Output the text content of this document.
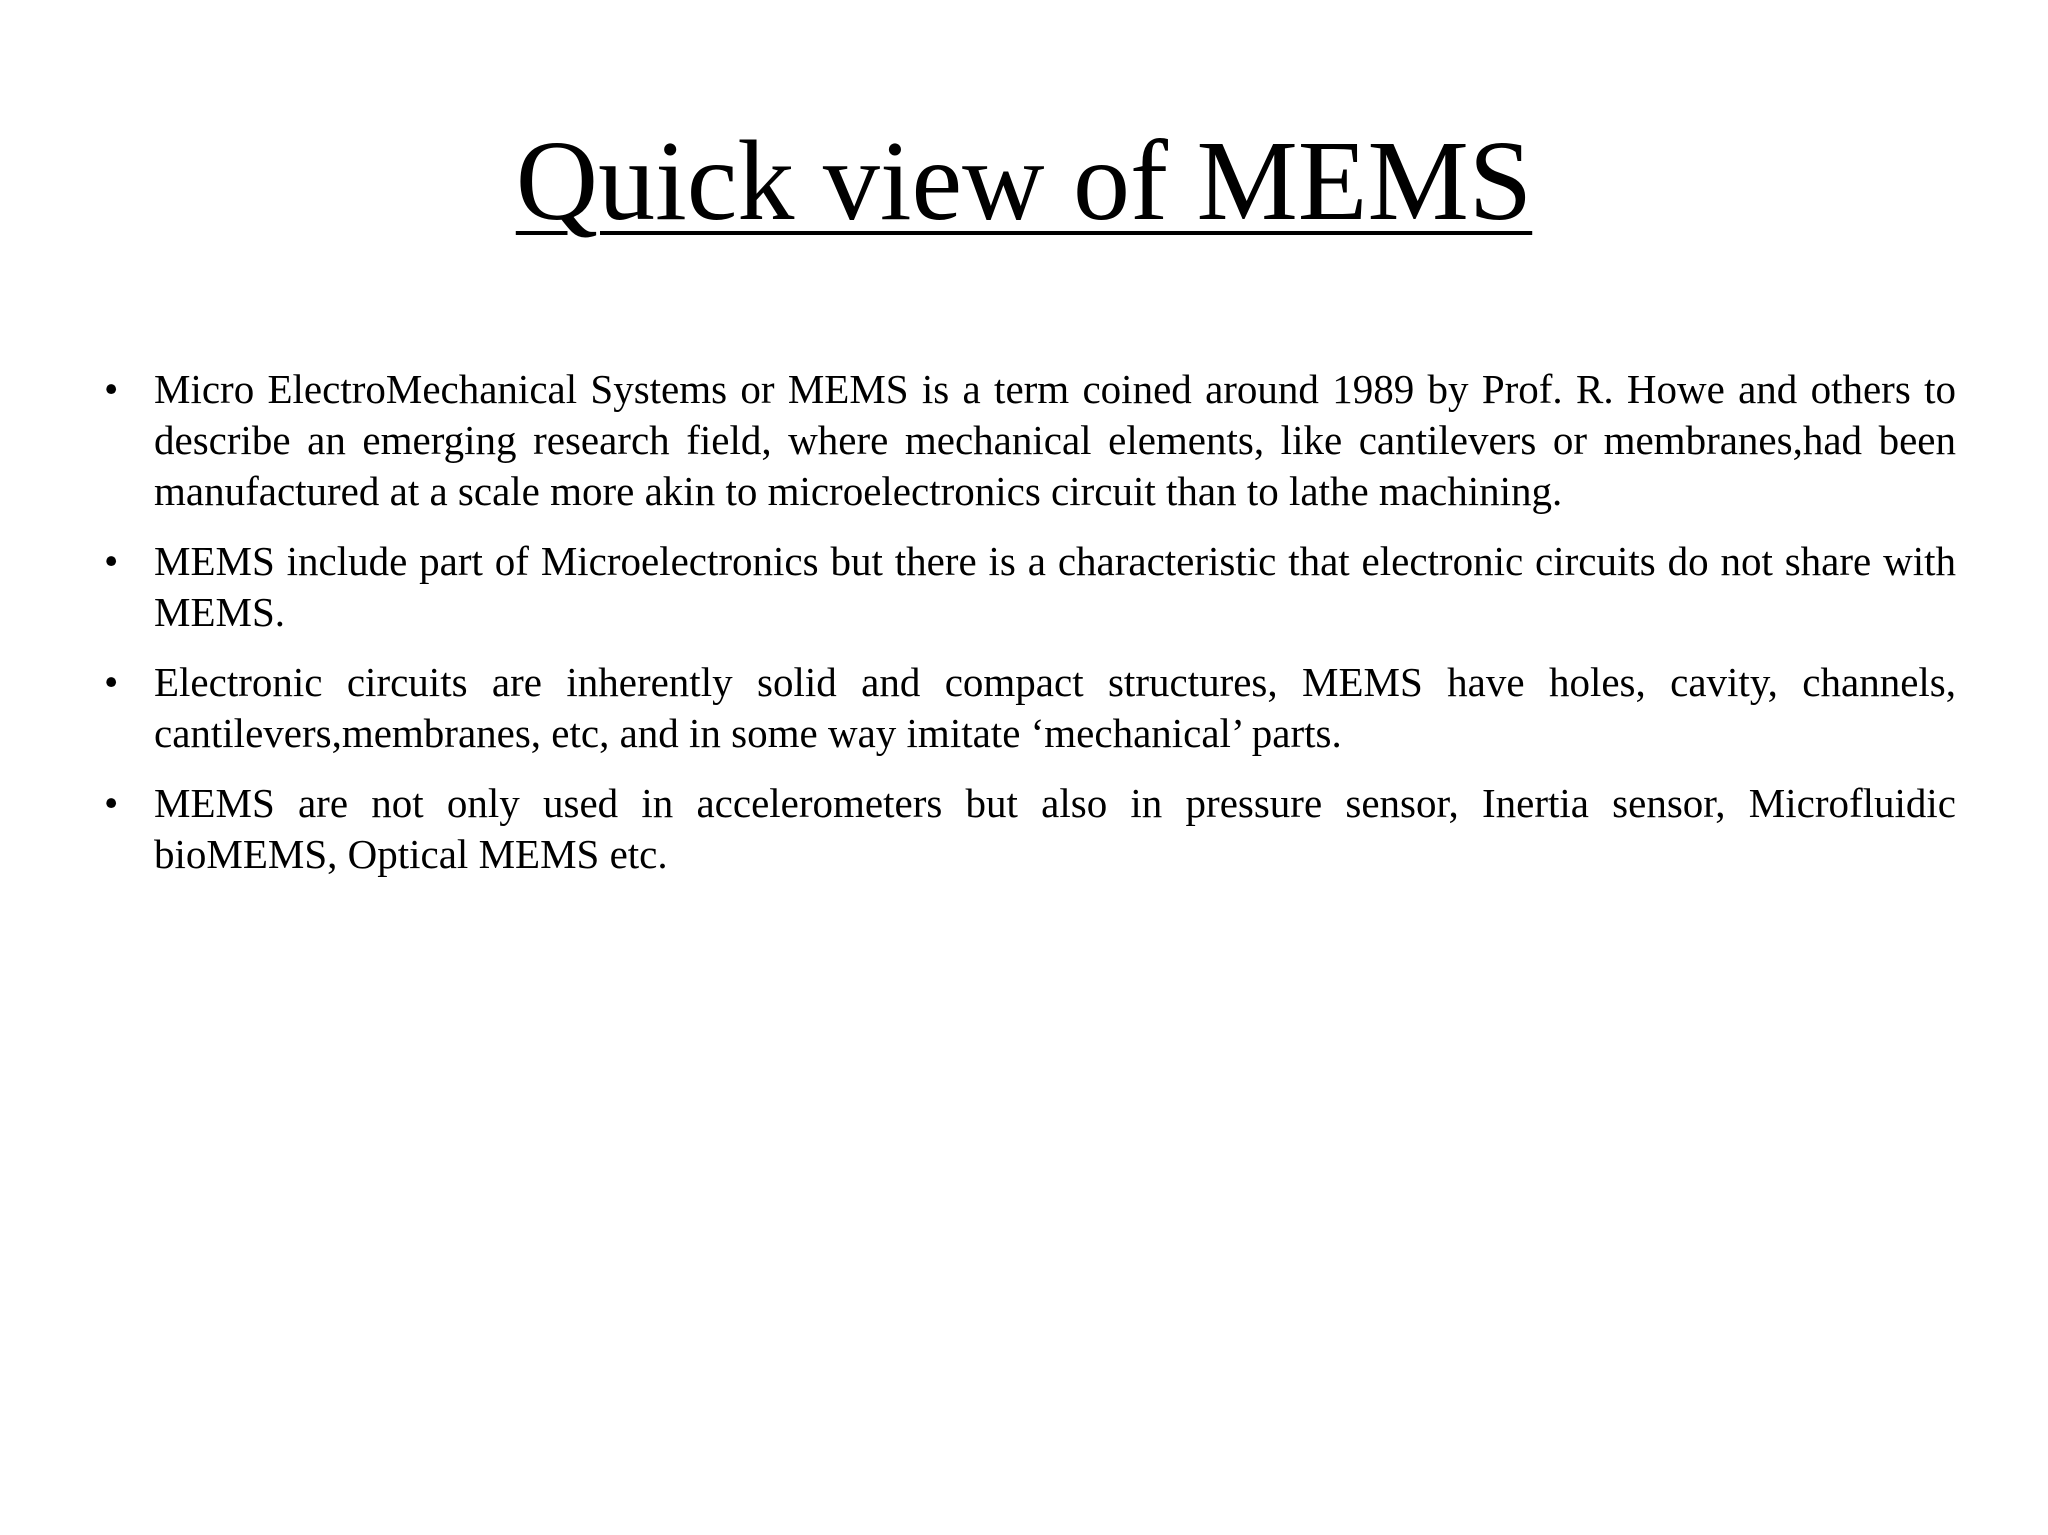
Quick view of MEMS
• Micro ElectroMechanical Systems or MEMS is a term coined around 1989 by Prof. R. Howe and others to describe an emerging research field, where mechanical elements, like cantilevers or membranes,had been manufactured at a scale more akin to microelectronics circuit than to lathe machining.
• MEMS include part of Microelectronics but there is a characteristic that electronic circuits do not share with MEMS.
• Electronic circuits are inherently solid and compact structures, MEMS have holes, cavity, channels, cantilevers,membranes, etc, and in some way imitate ‘mechanical’ parts.
• MEMS are not only used in accelerometers but also in pressure sensor, Inertia sensor, Microfluidic bioMEMS, Optical MEMS etc.
